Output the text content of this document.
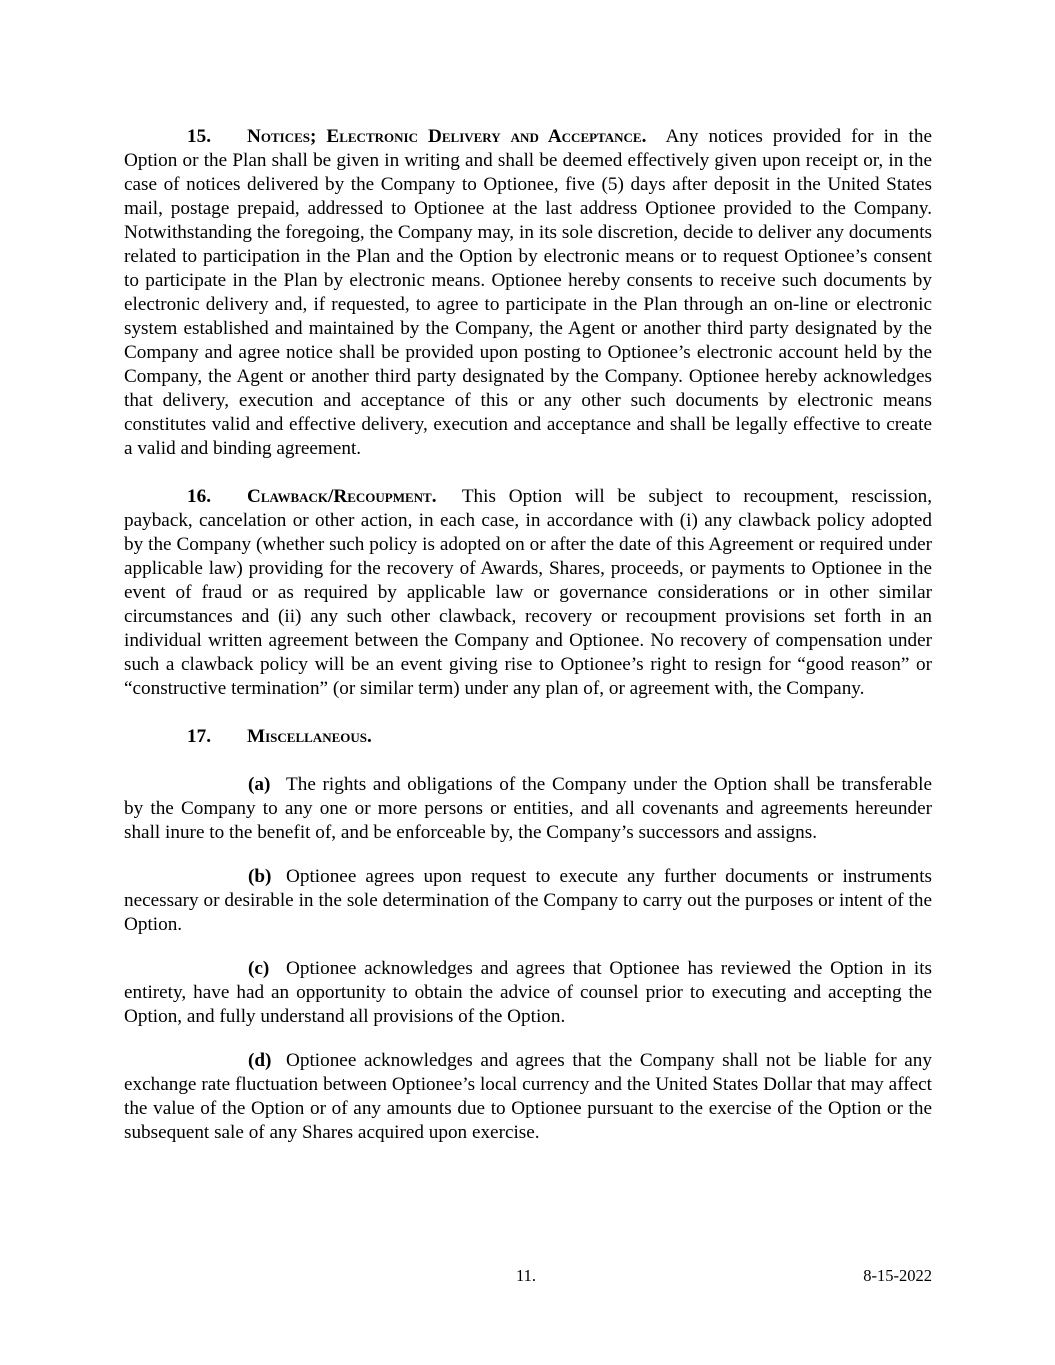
15. Notices; Electronic Delivery and Acceptance. Any notices provided for in the Option or the Plan shall be given in writing and shall be deemed effectively given upon receipt or, in the case of notices delivered by the Company to Optionee, five (5) days after deposit in the United States mail, postage prepaid, addressed to Optionee at the last address Optionee provided to the Company. Notwithstanding the foregoing, the Company may, in its sole discretion, decide to deliver any documents related to participation in the Plan and the Option by electronic means or to request Optionee’s consent to participate in the Plan by electronic means. Optionee hereby consents to receive such documents by electronic delivery and, if requested, to agree to participate in the Plan through an on-line or electronic system established and maintained by the Company, the Agent or another third party designated by the Company and agree notice shall be provided upon posting to Optionee’s electronic account held by the Company, the Agent or another third party designated by the Company. Optionee hereby acknowledges that delivery, execution and acceptance of this or any other such documents by electronic means constitutes valid and effective delivery, execution and acceptance and shall be legally effective to create a valid and binding agreement.

16. Clawback/Recoupment. This Option will be subject to recoupment, rescission, payback, cancelation or other action, in each case, in accordance with (i) any clawback policy adopted by the Company (whether such policy is adopted on or after the date of this Agreement or required under applicable law) providing for the recovery of Awards, Shares, proceeds, or payments to Optionee in the event of fraud or as required by applicable law or governance considerations or in other similar circumstances and (ii) any such other clawback, recovery or recoupment provisions set forth in an individual written agreement between the Company and Optionee. No recovery of compensation under such a clawback policy will be an event giving rise to Optionee’s right to resign for “good reason” or “constructive termination” (or similar term) under any plan of, or agreement with, the Company.

17. Miscellaneous.

(a) The rights and obligations of the Company under the Option shall be transferable by the Company to any one or more persons or entities, and all covenants and agreements hereunder shall inure to the benefit of, and be enforceable by, the Company’s successors and assigns.

(b) Optionee agrees upon request to execute any further documents or instruments necessary or desirable in the sole determination of the Company to carry out the purposes or intent of the Option.

(c) Optionee acknowledges and agrees that Optionee has reviewed the Option in its entirety, have had an opportunity to obtain the advice of counsel prior to executing and accepting the Option, and fully understand all provisions of the Option.

(d) Optionee acknowledges and agrees that the Company shall not be liable for any exchange rate fluctuation between Optionee’s local currency and the United States Dollar that may affect the value of the Option or of any amounts due to Optionee pursuant to the exercise of the Option or the subsequent sale of any Shares acquired upon exercise.

11.	8-15-2022
